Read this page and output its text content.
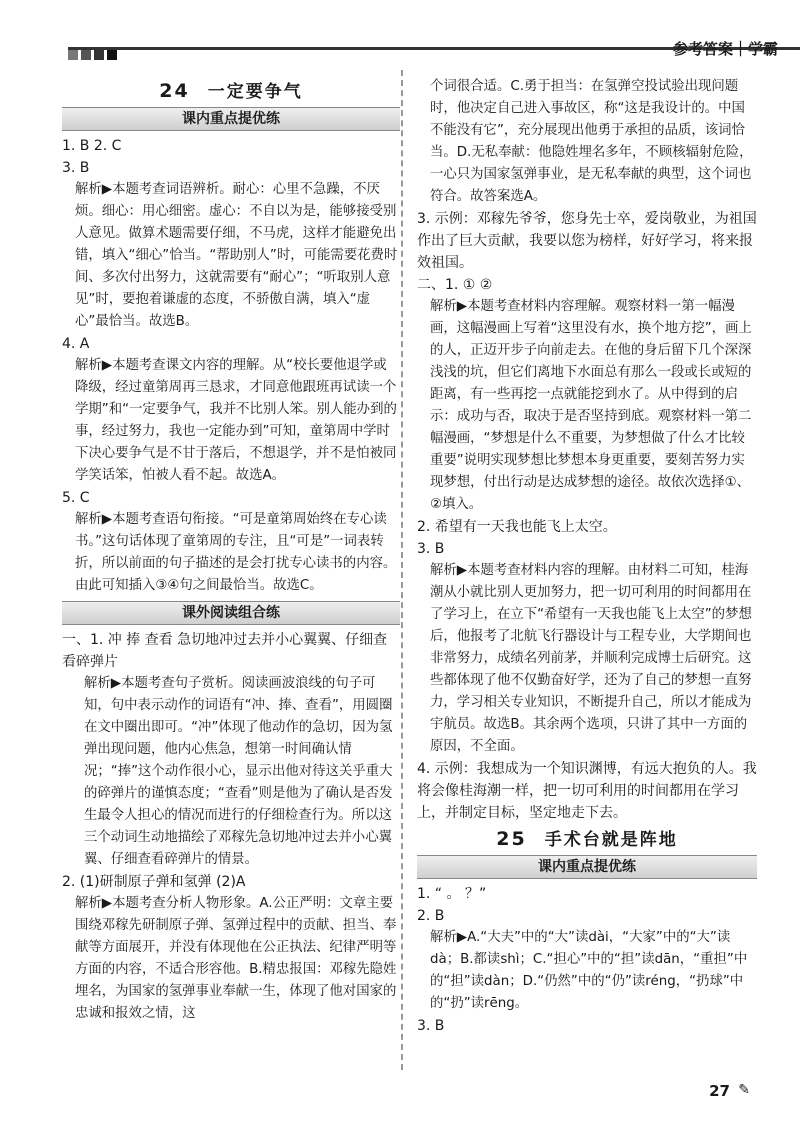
参考答案｜学霸
24 一定要争气
课内重点提优练

1. B 2. C

3. B

解析▶本题考查词语辨析。耐心：心里不急躁，不厌烦。细心：用心细密。虚心：不自以为是，能够接受别人意见。做算术题需要仔细，不马虎，这样才能避免出错，填入“细心”恰当。“帮助别人”时，可能需要花费时间、多次付出努力，这就需要有“耐心”；“听取别人意见”时，要抱着谦虚的态度，不骄傲自满，填入“虚心”最恰当。故选B。

4. A

解析▶本题考查课文内容的理解。从“校长要他退学或降级，经过童第周再三恳求，才同意他跟班再试读一个学期”和“一定要争气，我并不比别人笨。别人能办到的事，经过努力，我也一定能办到”可知，童第周中学时下决心要争气是不甘于落后，不想退学，并不是怕被同学笑话笨，怕被人看不起。故选A。

5. C

解析▶本题考查语句衔接。“可是童第周始终在专心读书。”这句话体现了童第周的专注，且“可是”一词表转折，所以前面的句子描述的是会打扰专心读书的内容。由此可知插入③④句之间最恰当。故选C。

课外阅读组合练

一、1. 冲 捧 查看 急切地冲过去并小心翼翼、仔细查看碎弹片

解析▶本题考查句子赏析。阅读画波浪线的句子可知，句中表示动作的词语有“冲、捧、查看”，用圆圈在文中圈出即可。“冲”体现了他动作的急切，因为氢弹出现问题，他内心焦急，想第一时间确认情况；“捧”这个动作很小心，显示出他对待这关乎重大的碎弹片的谨慎态度；“查看”则是他为了确认是否发生最令人担心的情况而进行的仔细检查行为。所以这三个动词生动地描绘了邓稼先急切地冲过去并小心翼翼、仔细查看碎弹片的情景。

2. (1)研制原子弹和氢弹 (2)A

解析▶本题考查分析人物形象。A.公正严明：文章主要围绕邓稼先研制原子弹、氢弹过程中的贡献、担当、奉献等方面展开，并没有体现他在公正执法、纪律严明等方面的内容，不适合形容他。B.精忠报国：邓稼先隐姓埋名，为国家的氢弹事业奉献一生，体现了他对国家的忠诚和报效之情，这

个词很合适。C.勇于担当：在氢弹空投试验出现问题时，他决定自己进入事故区，称“这是我设计的。中国不能没有它”，充分展现出他勇于承担的品质，该词恰当。D.无私奉献：他隐姓埋名多年，不顾核辐射危险，一心只为国家氢弹事业，是无私奉献的典型，这个词也符合。故答案选A。

3. 示例：邓稼先爷爷，您身先士卒，爱岗敬业，为祖国作出了巨大贡献，我要以您为榜样，好好学习，将来报效祖国。

二、1. ① ②

解析▶本题考查材料内容理解。观察材料一第一幅漫画，这幅漫画上写着“这里没有水，换个地方挖”，画上的人，正迈开步子向前走去。在他的身后留下几个深深浅浅的坑，但它们离地下水面总有那么一段或长或短的距离，有一些再挖一点就能挖到水了。从中得到的启示：成功与否，取决于是否坚持到底。观察材料一第二幅漫画，“梦想是什么不重要，为梦想做了什么才比较重要”说明实现梦想比梦想本身更重要，要刻苦努力实现梦想，付出行动是达成梦想的途径。故依次选择①、②填入。

2. 希望有一天我也能飞上太空。

3. B

解析▶本题考查材料内容的理解。由材料二可知，桂海潮从小就比别人更加努力，把一切可利用的时间都用在了学习上，在立下“希望有一天我也能飞上太空”的梦想后，他报考了北航飞行器设计与工程专业，大学期间也非常努力，成绩名列前茅，并顺利完成博士后研究。这些都体现了他不仅勤奋好学，还为了自己的梦想一直努力，学习相关专业知识，不断提升自己，所以才能成为宇航员。故选B。其余两个选项，只讲了其中一方面的原因，不全面。

4. 示例：我想成为一个知识渊博，有远大抱负的人。我将会像桂海潮一样，把一切可利用的时间都用在学习上，并制定目标，坚定地走下去。

25 手术台就是阵地
课内重点提优练

1. “ 。 ？”

2. B

解析▶A.“大夫”中的“大”读dài，“大家”中的“大”读dà；B.都读shì；C.“担心”中的“担”读dān，“重担”中的“担”读dàn；D.“仍然”中的“仍”读réng，“扔球”中的“扔”读rēng。

3. B

27 ✎
